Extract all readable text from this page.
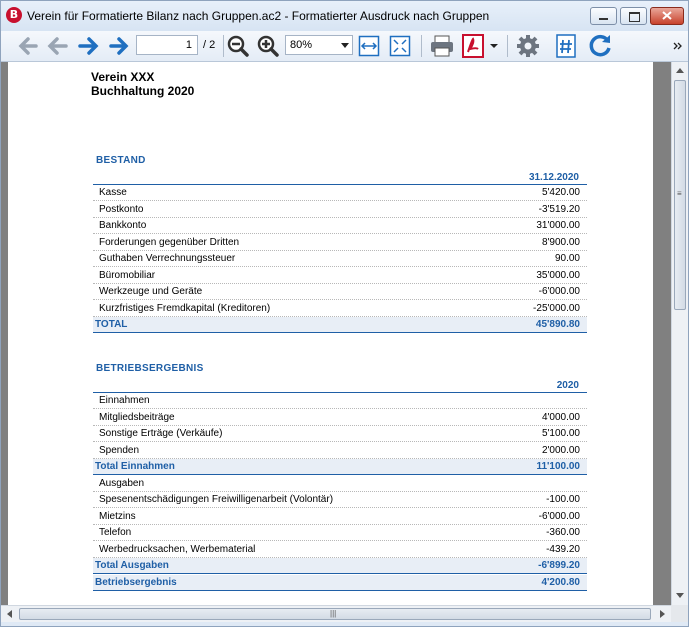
B Verein für Formatierte Bilanz nach Gruppen.ac2 - Formatierter Ausdruck nach Gruppen
1	/ 2	80%
Verein XXX
Buchhaltung 2020
BESTAND
31.12.2020
Kasse	5'420.00
Postkonto	-3'519.20
Bankkonto	31'000.00
Forderungen gegenüber Dritten	8'900.00
Guthaben Verrechnungssteuer	90.00
Büromobiliar	35'000.00
Werkzeuge und Geräte	-6'000.00
Kurzfristiges Fremdkapital (Kreditoren)	-25'000.00
TOTAL	45'890.80
BETRIEBSERGEBNIS
2020
Einnahmen
Mitgliedsbeiträge	4'000.00
Sonstige Erträge (Verkäufe)	5'100.00
Spenden	2'000.00
Total Einnahmen	11'100.00
Ausgaben
Spesenentschädigungen Freiwilligenarbeit (Volontär)	-100.00
Mietzins	-6'000.00
Telefon	-360.00
Werbedrucksachen, Werbematerial	-439.20
Total Ausgaben	-6'899.20
Betriebsergebnis	4'200.80
≡
|||
